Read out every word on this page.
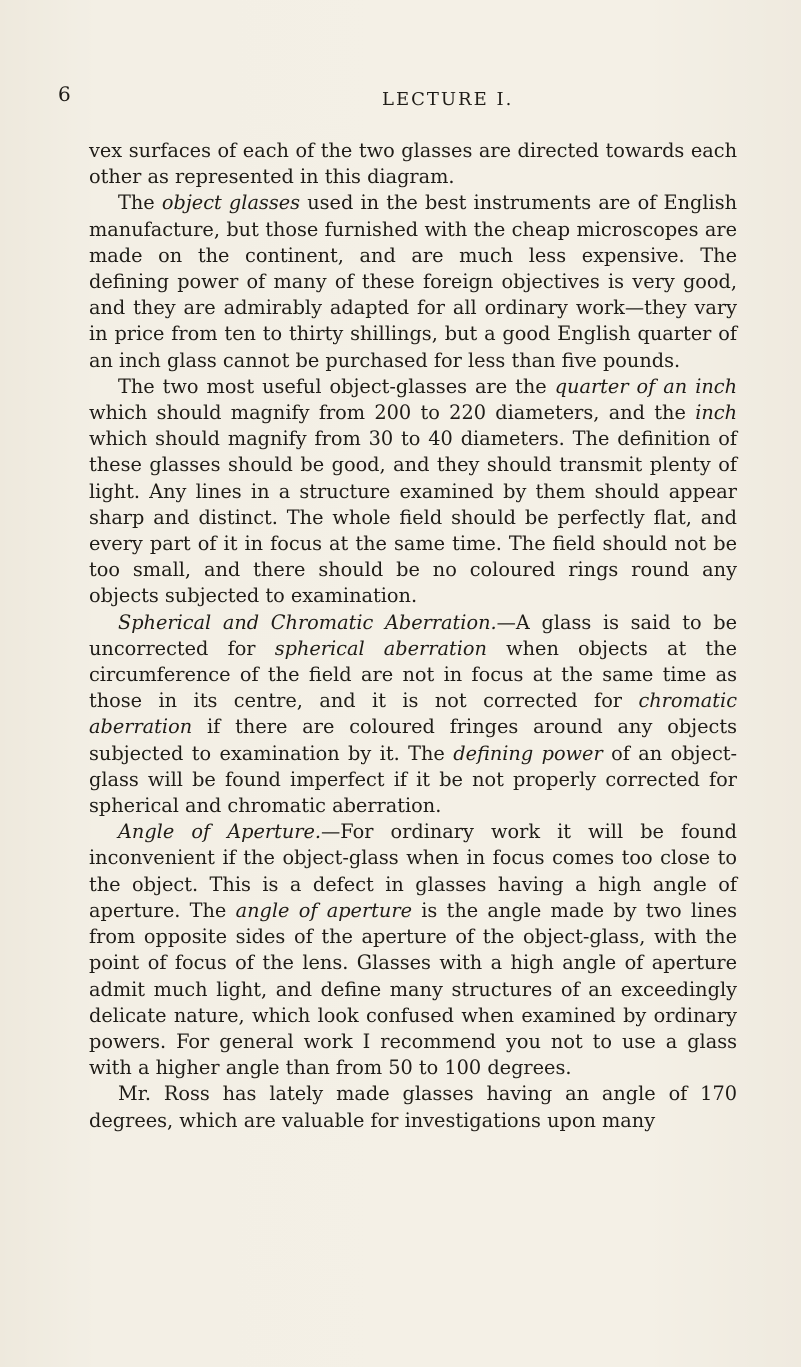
6	LECTURE I.

vex surfaces of each of the two glasses are directed towards each other as represented in this diagram.

The object glasses used in the best instruments are of English manufacture, but those furnished with the cheap microscopes are made on the continent, and are much less expensive. The defining power of many of these foreign objectives is very good, and they are admirably adapted for all ordinary work—they vary in price from ten to thirty shillings, but a good English quarter of an inch glass cannot be purchased for less than five pounds.

The two most useful object-glasses are the quarter of an inch which should magnify from 200 to 220 diameters, and the inch which should magnify from 30 to 40 diameters. The definition of these glasses should be good, and they should transmit plenty of light. Any lines in a structure examined by them should appear sharp and distinct. The whole field should be perfectly flat, and every part of it in focus at the same time. The field should not be too small, and there should be no coloured rings round any objects subjected to examination.

Spherical and Chromatic Aberration.—A glass is said to be uncorrected for spherical aberration when objects at the circumference of the field are not in focus at the same time as those in its centre, and it is not corrected for chromatic aberration if there are coloured fringes around any objects subjected to examination by it. The defining power of an object-glass will be found imperfect if it be not properly corrected for spherical and chromatic aberration.

Angle of Aperture.—For ordinary work it will be found inconvenient if the object-glass when in focus comes too close to the object. This is a defect in glasses having a high angle of aperture. The angle of aperture is the angle made by two lines from opposite sides of the aperture of the object-glass, with the point of focus of the lens. Glasses with a high angle of aperture admit much light, and define many structures of an exceedingly delicate nature, which look confused when examined by ordinary powers. For general work I recommend you not to use a glass with a higher angle than from 50 to 100 degrees.

Mr. Ross has lately made glasses having an angle of 170 degrees, which are valuable for investigations upon many
